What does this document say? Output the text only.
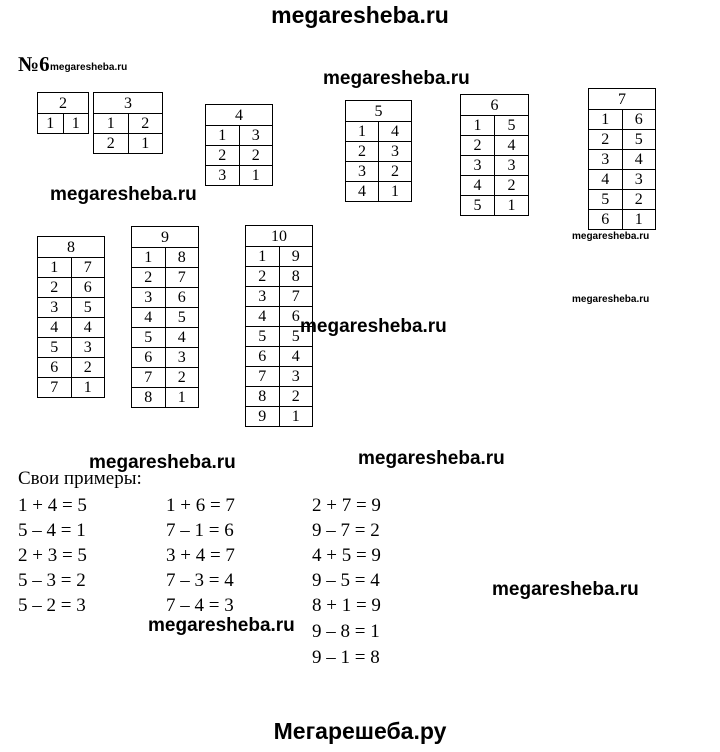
megaresheba.ru
№6
2
1	1
3	
1	2
2	1
4	
1	3
2	2
3	1
5	
1	4
2	3
3	2
4	1
6	
1	5
2	4
3	3
4	2
5	1
7	
1	6
2	5
3	4
4	3
5	2
6	1
8	
1	7
2	6
3	5
4	4
5	3
6	2
7	1
9	
1	8
2	7
3	6
4	5
5	4
6	3
7	2
8	1
10	
1	9
2	8
3	7
4	6
5	5
6	4
7	3
8	2
9	1
Свои примеры:
1 + 4 = 5
5 – 4 = 1
2 + 3 = 5
5 – 3 = 2
5 – 2 = 3
1 + 6 = 7
7 – 1 = 6
3 + 4 = 7
7 – 3 = 4
7 – 4 = 3
2 + 7 = 9
9 – 7 = 2
4 + 5 = 9
9 – 5 = 4
8 + 1 = 9
9 – 8 = 1
9 – 1 = 8
megaresheba.ru
megaresheba.ru
megaresheba.ru
megaresheba.ru
megaresheba.ru
megaresheba.ru
megaresheba.ru	megaresheba.ru
megaresheba.ru
megaresheba.ru
Мегарешеба.ру
